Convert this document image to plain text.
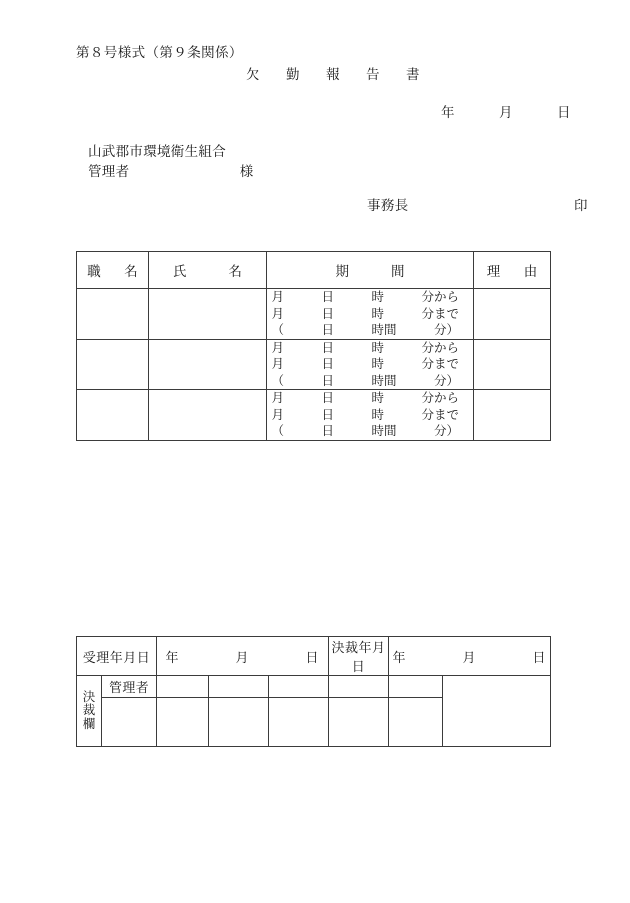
第８号様式（第９条関係）
欠　勤　報　告　書
年　　　月　　　日
山武郡市環境衛生組合
管理者　　　　　　　　様
事務長　　　　　　　　　　　　印
職　名	氏　　名	期　　間	理　由

		月　　　日　　　時　　　分から
月　　　日　　　時　　　分まで
（　　　日　　　時間　　　分）	

		月　　　日　　　時　　　分から
月　　　日　　　時　　　分まで
（　　　日　　　時間　　　分）	

		月　　　日　　　時　　　分から
月　　　日　　　時　　　分まで
（　　　日　　　時間　　　分）	

受理年月日		年　　　　月　　　　日			決裁年月日	年　　　　月　　　　日	

決
裁
欄	管理者						
